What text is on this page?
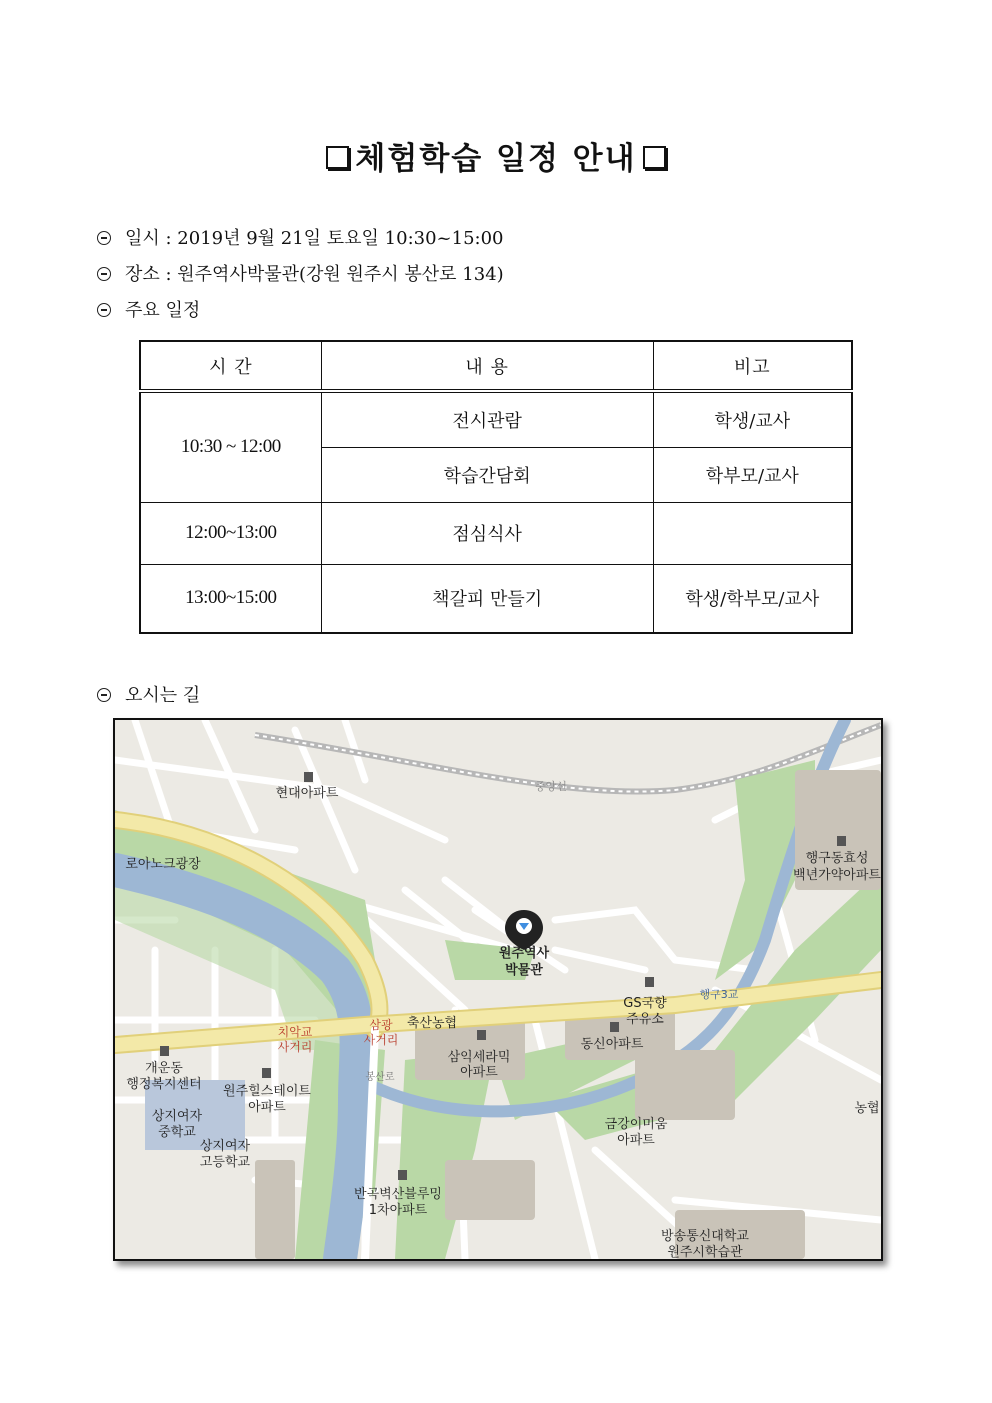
체험학습 일정 안내
일시 : 2019년 9월 21일 토요일 10:30~15:00
장소 : 원주역사박물관(강원 원주시 봉산로 134)
주요 일정
시 간	내 용	비고
10:30 ~ 12:00	전시관람	학생/교사
	학습간담회	학부모/교사
12:00~13:00	점심식사	
13:00~15:00	책갈피 만들기	학생/학부모/교사
오시는 길
현대아파트
로아노크광장
원주역사
박물관
행구동효성
백년가약아파트
GS국향
주유소
행구3교
축산농협
삼광
사거리
치악교
사거리	동신아파트
삼익세라믹
아파트
개운동
행정복지센터 원주힐스테이트
아파트
상지여자
중학교
상지여자
고등학교
금강이미움
아파트
농협
반곡벽산블루밍
1차아파트
방송통신대학교
원주시학습관
중앙선
봉산로
